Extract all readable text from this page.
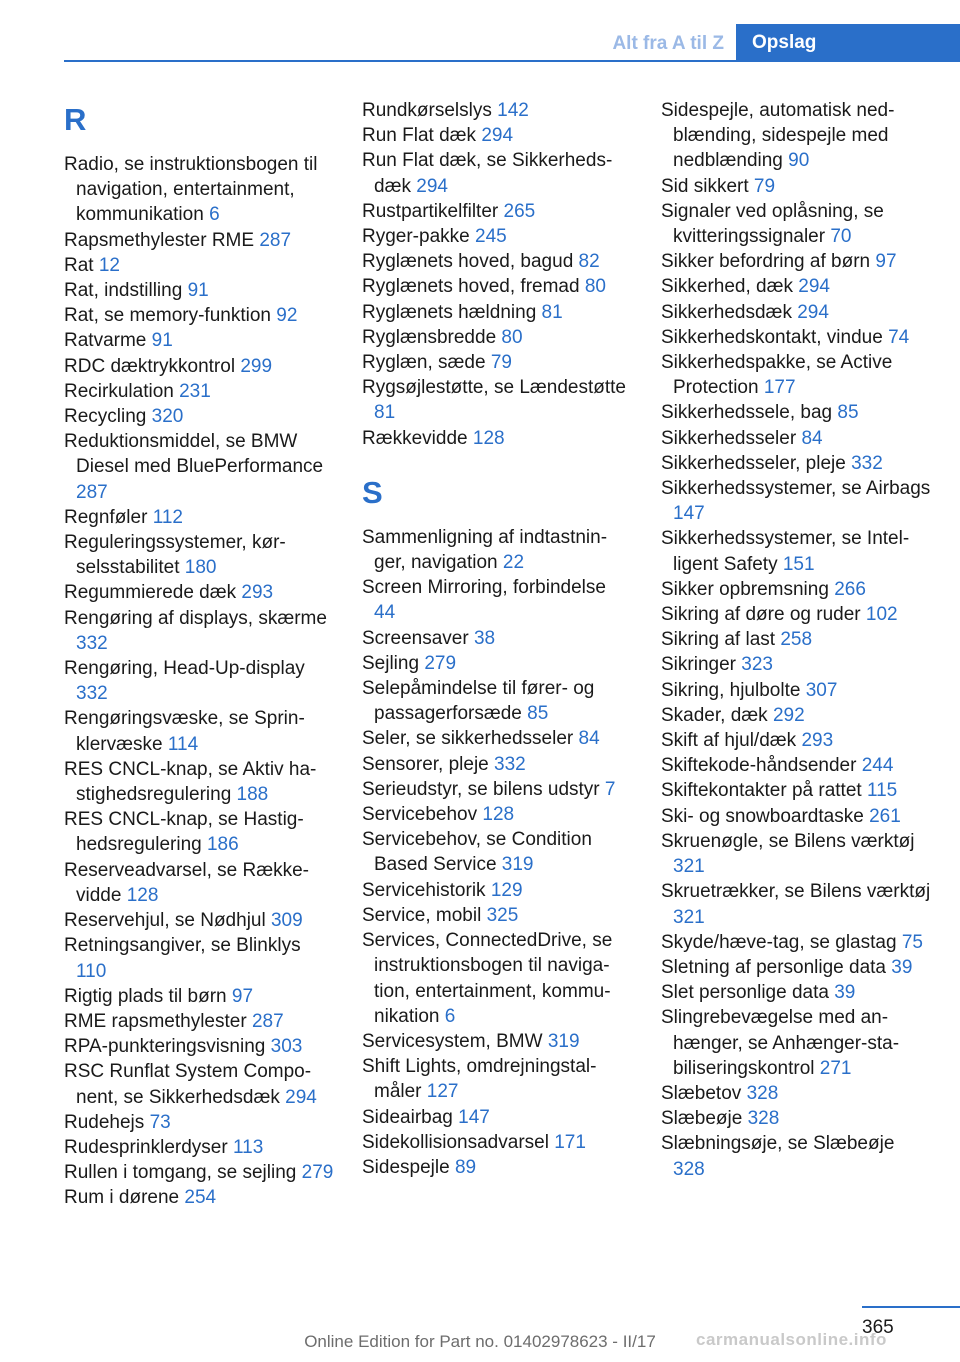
Alt fra A til Z	Opslag
R
Radio, se instruktionsbogen til navigation, entertainment, kommunikation 6
Rapsmethylester RME 287
Rat 12
Rat, indstilling 91
Rat, se memory-funktion 92
Ratvarme 91
RDC dæktrykkontrol 299
Recirkulation 231
Recycling 320
Reduktionsmiddel, se BMW Diesel med BluePerformance 287
Regnføler 112
Reguleringssystemer, kørselsstabilitet 180
Regummierede dæk 293
Rengøring af displays, skærme 332
Rengøring, Head-Up-display 332
Rengøringsvæske, se Sprinklervæske 114
RES CNCL-knap, se Aktiv hastighedsregulering 188
RES CNCL-knap, se Hastighedsregulering 186
Reserveadvarsel, se Rækkevidde 128
Reservehjul, se Nødhjul 309
Retningsangiver, se Blinklys 110
Rigtig plads til børn 97
RME rapsmethylester 287
RPA-punkteringsvisning 303
RSC Runflat System Component, se Sikkerhedsdæk 294
Rudehejs 73
Rudesprinklerdyser 113
Rullen i tomgang, se sejling 279
Rum i dørene 254
Rundkørselslys 142
Run Flat dæk 294
Run Flat dæk, se Sikkerhedsdæk 294
Rustpartikelfilter 265
Ryger-pakke 245
Ryglænets hoved, bagud 82
Ryglænets hoved, fremad 80
Ryglænets hældning 81
Ryglænsbredde 80
Ryglæn, sæde 79
Rygsøjlestøtte, se Lændestøtte 81
Rækkevidde 128
S
Sammenligning af indtastninger, navigation 22
Screen Mirroring, forbindelse 44
Screensaver 38
Sejling 279
Selepåmindelse til fører- og passagerforsæde 85
Seler, se sikkerhedsseler 84
Sensorer, pleje 332
Serieudstyr, se bilens udstyr 7
Servicebehov 128
Servicebehov, se Condition Based Service 319
Servicehistorik 129
Service, mobil 325
Services, ConnectedDrive, se instruktionsbogen til navigation, entertainment, kommunikation 6
Servicesystem, BMW 319
Shift Lights, omdrejningstalmåler 127
Sideairbag 147
Sidekollisionsadvarsel 171
Sidespejle 89
Sidespejle, automatisk nedblænding, sidespejle med nedblænding 90
Sid sikkert 79
Signaler ved oplåsning, se kvitteringssignaler 70
Sikker befordring af børn 97
Sikkerhed, dæk 294
Sikkerhedsdæk 294
Sikkerhedskontakt, vindue 74
Sikkerhedspakke, se Active Protection 177
Sikkerhedssele, bag 85
Sikkerhedsseler 84
Sikkerhedsseler, pleje 332
Sikkerhedssystemer, se Airbags 147
Sikkerhedssystemer, se Intelligent Safety 151
Sikker opbremsning 266
Sikring af døre og ruder 102
Sikring af last 258
Sikringer 323
Sikring, hjulbolte 307
Skader, dæk 292
Skift af hjul/dæk 293
Skiftekode-håndsender 244
Skiftekontakter på rattet 115
Ski- og snowboardtaske 261
Skruenøgle, se Bilens værktøj 321
Skruetrækker, se Bilens værktøj 321
Skyde/hæve-tag, se glastag 75
Sletning af personlige data 39
Slet personlige data 39
Slingrebevægelse med anhænger, se Anhænger-stabiliseringskontrol 271
Slæbetov 328
Slæbeøje 328
Slæbningsøje, se Slæbeøje 328
365
Online Edition for Part no. 01402978623 - II/17	carmanualsonline.info
